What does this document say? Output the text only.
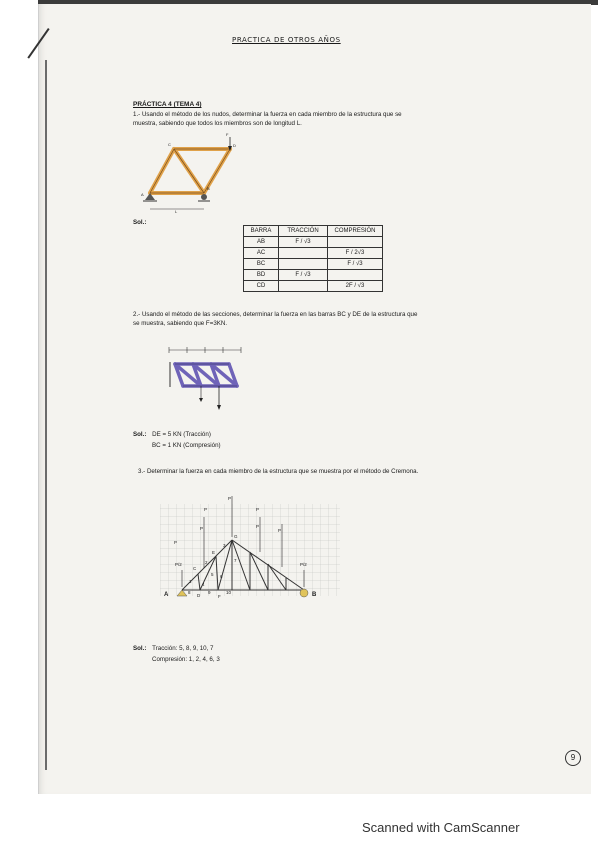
PRACTICA DE OTROS AÑOS
PRÁCTICA 4 (TEMA 4)
1.- Usando el método de los nudos, determinar la fuerza en cada miembro de la estructura que se
muestra, sabiendo que todos los miembros son de longitud L.
A
C	D
B
F
L
Sol.:
BARRA	TRACCIÓN	COMPRESIÓN
AB	F / √3	
AC		F / 2√3
BC		F / √3
BD	F / √3	
CD		2F / √3
2.- Usando el método de las secciones, determinar la fuerza en las barras BC y DE de la estructura que
se muestra, sabiendo que F=3KN.
Sol.: DE = 5 KN (Tracción)
BC = 1 KN (Compresión)
3.- Determinar la fuerza en cada miembro de la estructura que se muestra por el método de Cremona.
A	B
P/2	P/2
P
P
P
P
P	P
P
C
D
E
F
G
1
2
3
4
5 6
7
8	9	10
Sol.: Tracción: 5, 8, 9, 10, 7
Compresión: 1, 2, 4, 6, 3
9
Scanned with CamScanner
